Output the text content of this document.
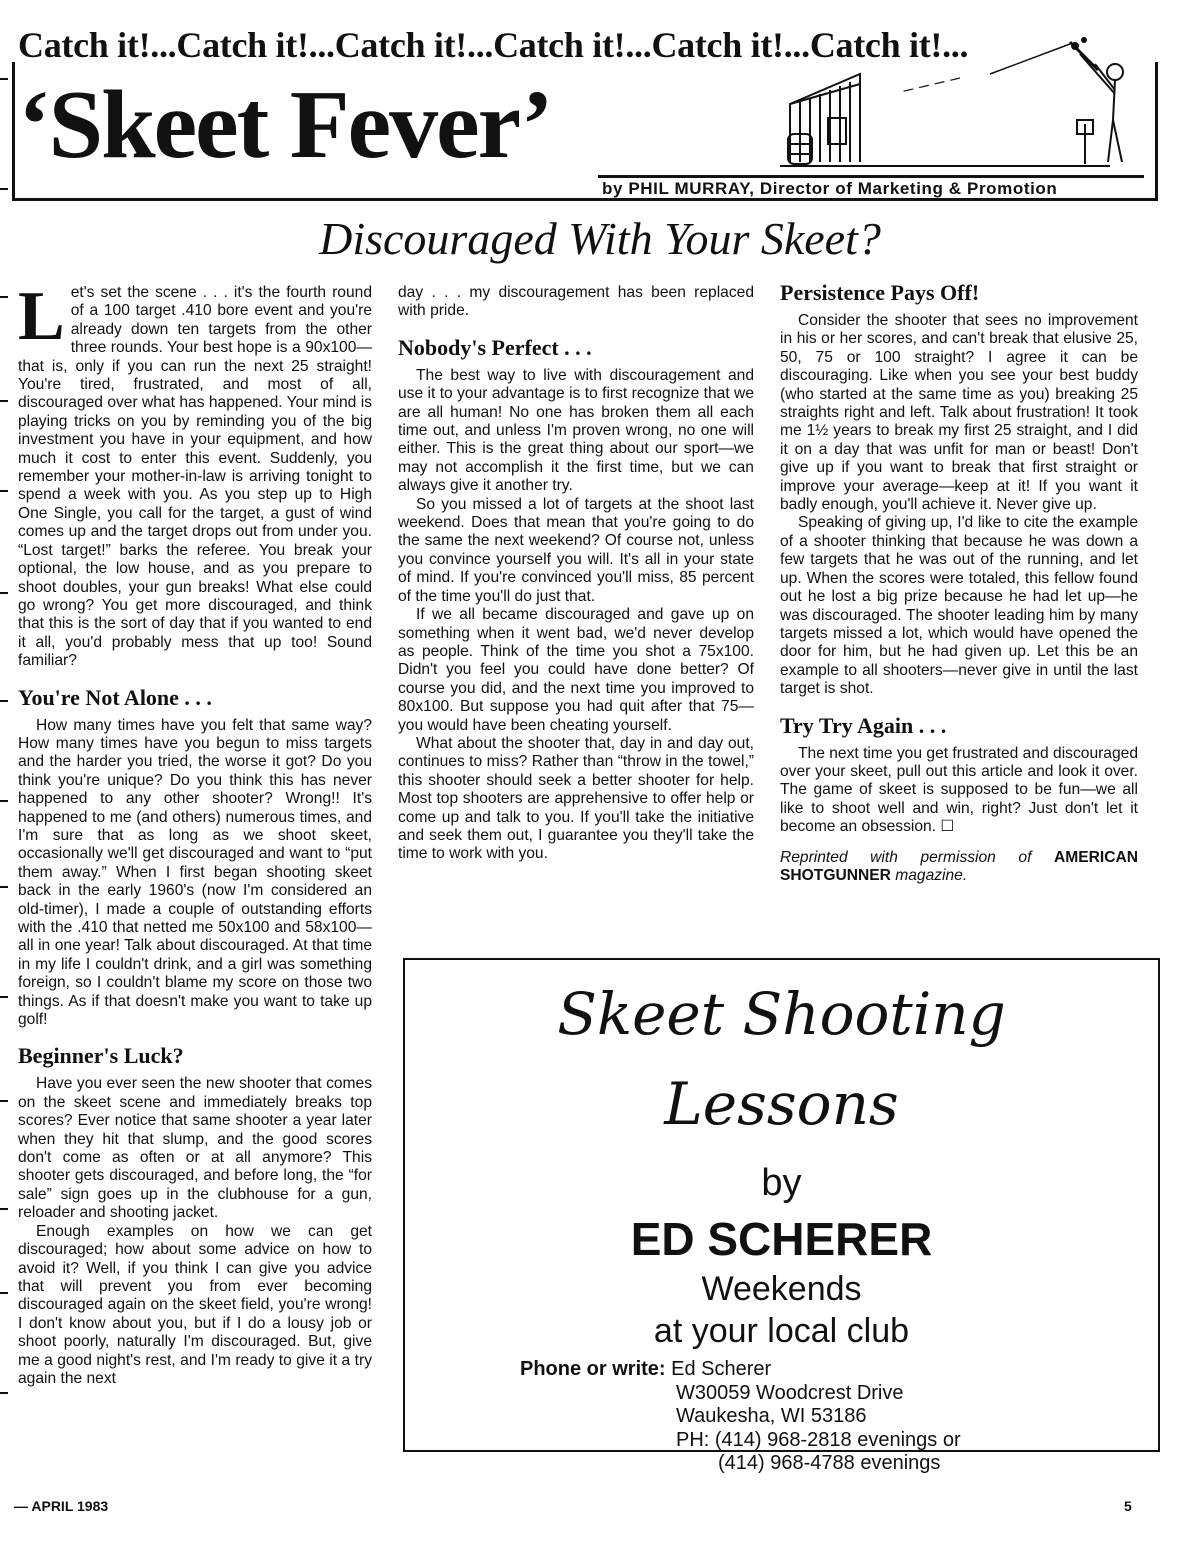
Catch it!...Catch it!...Catch it!...Catch it!...Catch it!...Catch it!...
‘Skeet Fever’
by PHIL MURRAY, Director of Marketing & Promotion
Discouraged With Your Skeet?

Let's set the scene . . . it's the fourth round of a 100 target .410 bore event and you're already down ten targets from the other three rounds. Your best hope is a 90x100—that is, only if you can run the next 25 straight! You're tired, frustrated, and most of all, discouraged over what has happened. Your mind is playing tricks on you by reminding you of the big investment you have in your equipment, and how much it cost to enter this event. Suddenly, you remember your mother-in-law is arriving tonight to spend a week with you. As you step up to High One Single, you call for the target, a gust of wind comes up and the target drops out from under you. “Lost target!” barks the referee. You break your optional, the low house, and as you prepare to shoot doubles, your gun breaks! What else could go wrong? You get more discouraged, and think that this is the sort of day that if you wanted to end it all, you'd probably mess that up too! Sound familiar?

You're Not Alone . . .

How many times have you felt that same way? How many times have you begun to miss targets and the harder you tried, the worse it got? Do you think you're unique? Do you think this has never happened to any other shooter? Wrong!! It's happened to me (and others) numerous times, and I'm sure that as long as we shoot skeet, occasionally we'll get discouraged and want to “put them away.” When I first began shooting skeet back in the early 1960's (now I'm considered an old-timer), I made a couple of outstanding efforts with the .410 that netted me 50x100 and 58x100—all in one year! Talk about discouraged. At that time in my life I couldn't drink, and a girl was something foreign, so I couldn't blame my score on those two things. As if that doesn't make you want to take up golf!

Beginner's Luck?

Have you ever seen the new shooter that comes on the skeet scene and immediately breaks top scores? Ever notice that same shooter a year later when they hit that slump, and the good scores don't come as often or at all anymore? This shooter gets discouraged, and before long, the “for sale” sign goes up in the clubhouse for a gun, reloader and shooting jacket.

Enough examples on how we can get discouraged; how about some advice on how to avoid it? Well, if you think I can give you advice that will prevent you from ever becoming discouraged again on the skeet field, you're wrong! I don't know about you, but if I do a lousy job or shoot poorly, naturally I'm discouraged. But, give me a good night's rest, and I'm ready to give it a try again the next

day . . . my discouragement has been replaced with pride.

Nobody's Perfect . . .

The best way to live with discouragement and use it to your advantage is to first recognize that we are all human! No one has broken them all each time out, and unless I'm proven wrong, no one will either. This is the great thing about our sport—we may not accomplish it the first time, but we can always give it another try.

So you missed a lot of targets at the shoot last weekend. Does that mean that you're going to do the same the next weekend? Of course not, unless you convince yourself you will. It's all in your state of mind. If you're convinced you'll miss, 85 percent of the time you'll do just that.

If we all became discouraged and gave up on something when it went bad, we'd never develop as people. Think of the time you shot a 75x100. Didn't you feel you could have done better? Of course you did, and the next time you improved to 80x100. But suppose you had quit after that 75—you would have been cheating yourself.

What about the shooter that, day in and day out, continues to miss? Rather than “throw in the towel,” this shooter should seek a better shooter for help. Most top shooters are apprehensive to offer help or come up and talk to you. If you'll take the initiative and seek them out, I guarantee you they'll take the time to work with you.

Persistence Pays Off!

Consider the shooter that sees no improvement in his or her scores, and can't break that elusive 25, 50, 75 or 100 straight? I agree it can be discouraging. Like when you see your best buddy (who started at the same time as you) breaking 25 straights right and left. Talk about frustration! It took me 1½ years to break my first 25 straight, and I did it on a day that was unfit for man or beast! Don't give up if you want to break that first straight or improve your average—keep at it! If you want it badly enough, you'll achieve it. Never give up.

Speaking of giving up, I'd like to cite the example of a shooter thinking that because he was down a few targets that he was out of the running, and let up. When the scores were totaled, this fellow found out he lost a big prize because he had let up—he was discouraged. The shooter leading him by many targets missed a lot, which would have opened the door for him, but he had given up. Let this be an example to all shooters—never give in until the last target is shot.

Try Try Again . . .

The next time you get frustrated and discouraged over your skeet, pull out this article and look it over. The game of skeet is supposed to be fun—we all like to shoot well and win, right? Just don't let it become an obsession. ☐

Reprinted with permission of AMERICAN SHOTGUNNER magazine.

Skeet Shooting
Lessons
by
ED SCHERER
Weekends
at your local club
Phone or write: Ed Scherer
W30059 Woodcrest Drive
Waukesha, WI 53186
PH: (414) 968-2818 evenings or
(414) 968-4788 evenings
— APRIL 1983	5
